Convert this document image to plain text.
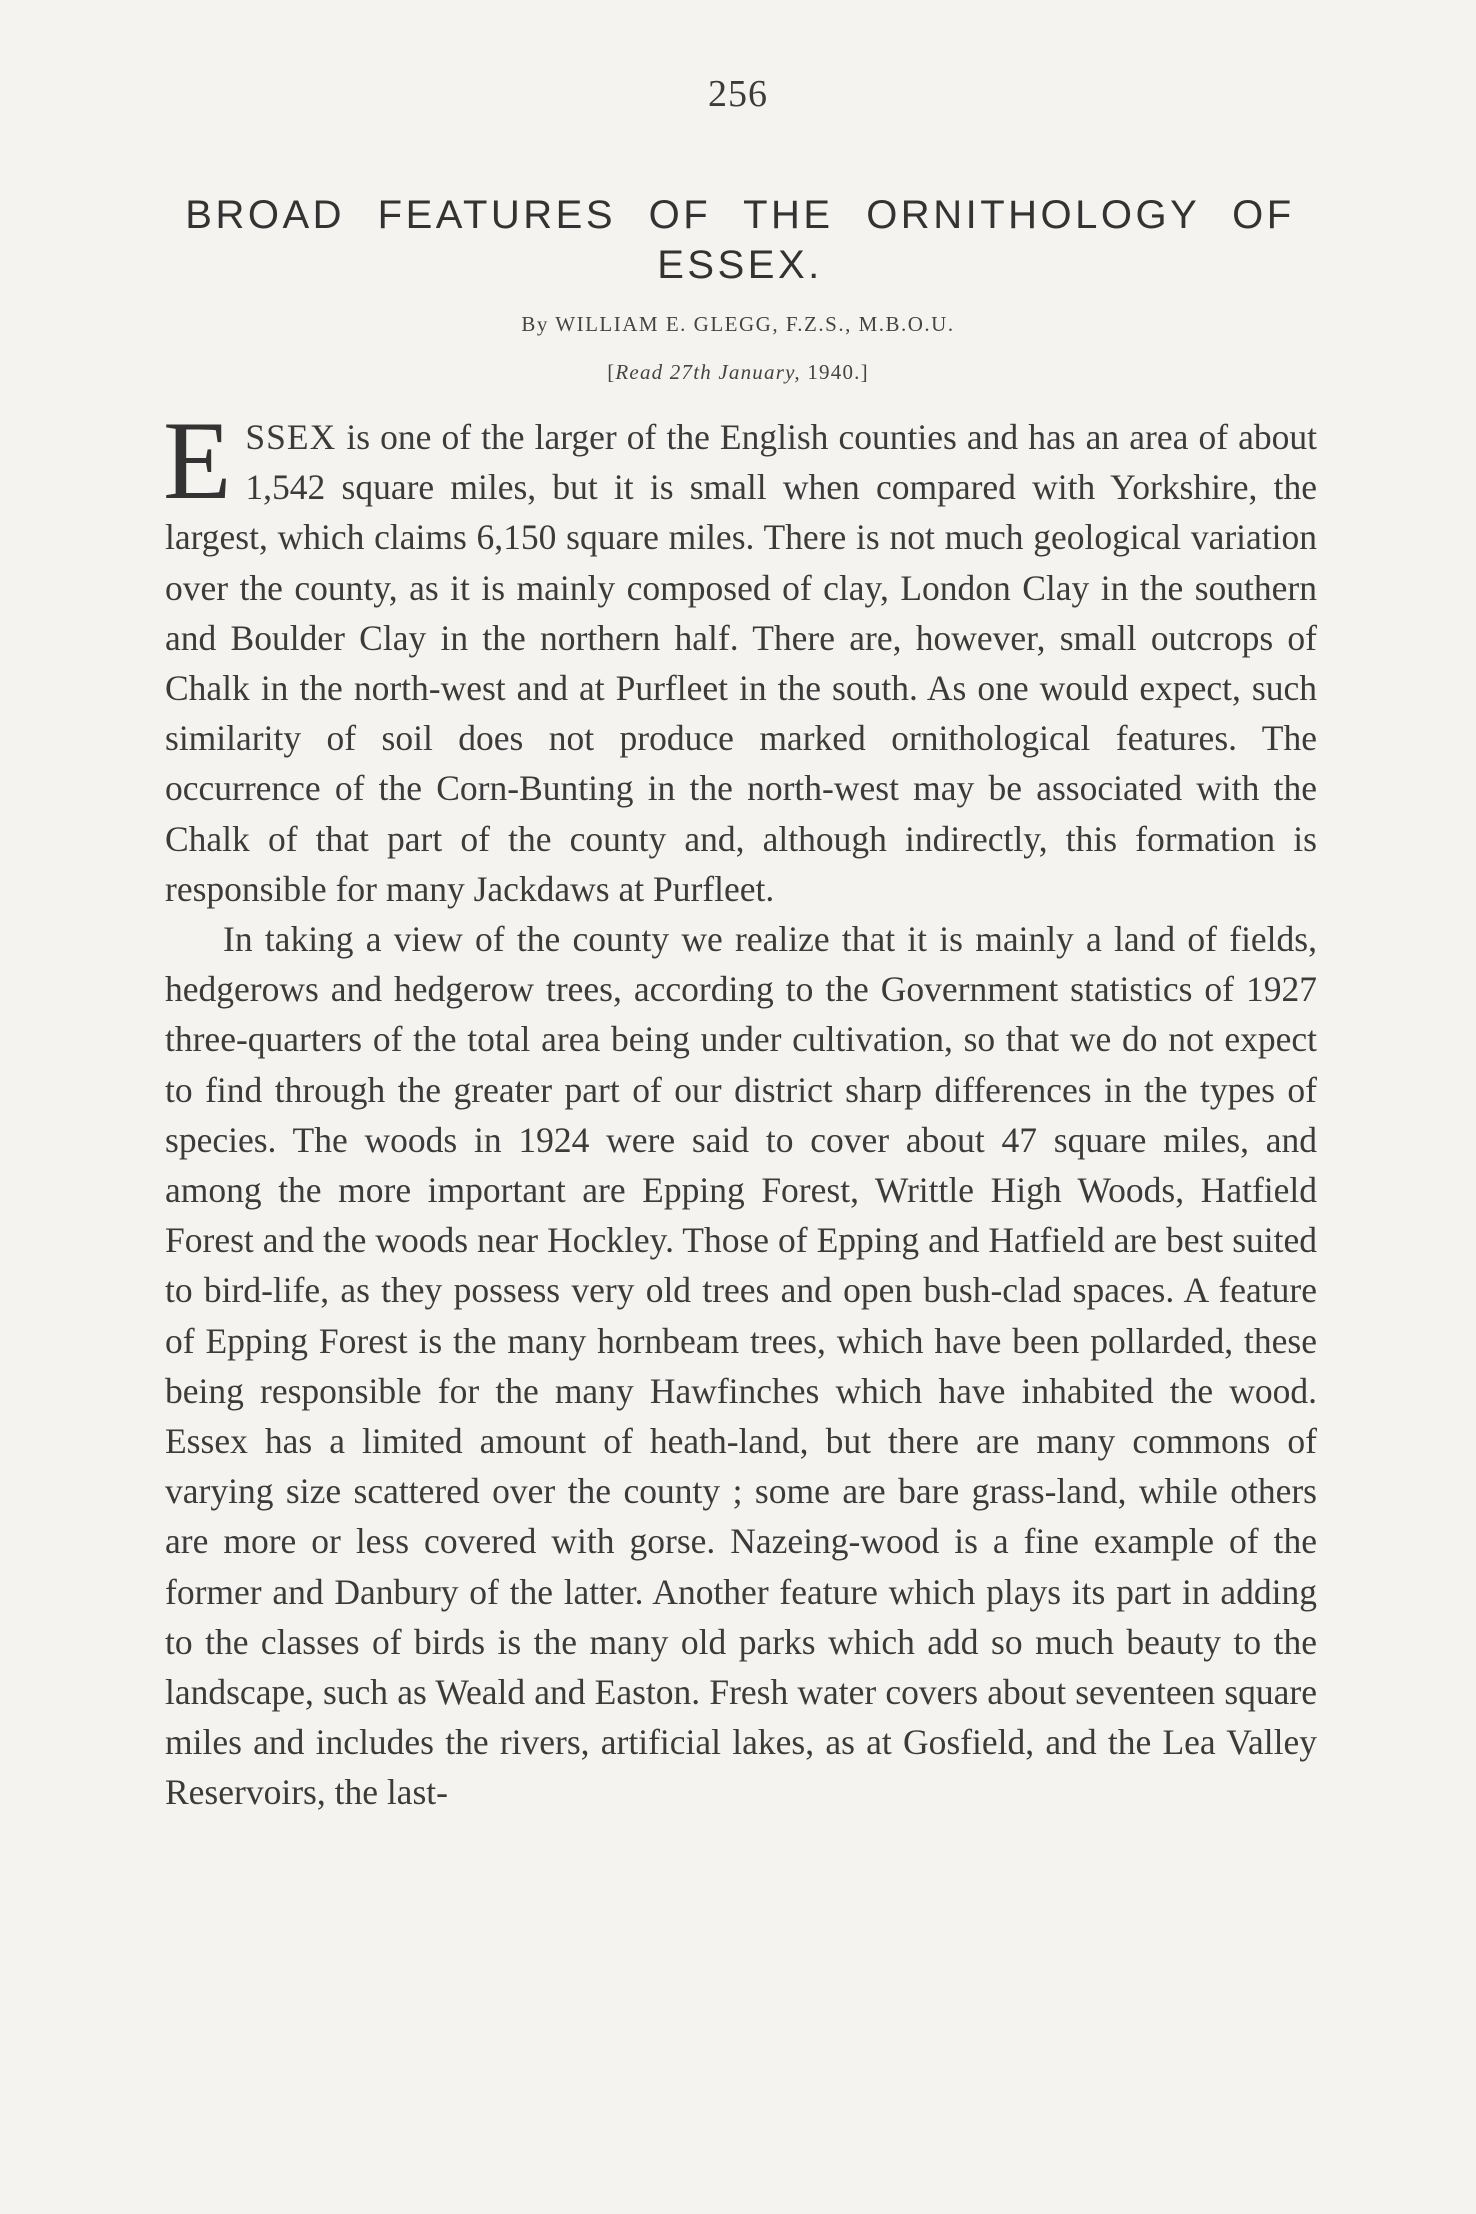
256
BROAD FEATURES OF THE ORNITHOLOGY OF ESSEX.
By WILLIAM E. GLEGG, F.Z.S., M.B.O.U.
[Read 27th January, 1940.]

ESSEX is one of the larger of the English counties and has an area of about 1,542 square miles, but it is small when compared with Yorkshire, the largest, which claims 6,150 square miles. There is not much geological variation over the county, as it is mainly composed of clay, London Clay in the southern and Boulder Clay in the northern half. There are, however, small outcrops of Chalk in the north-west and at Purfleet in the south. As one would expect, such similarity of soil does not produce marked ornithological features. The occurrence of the Corn-Bunting in the north-west may be associated with the Chalk of that part of the county and, although indirectly, this formation is responsible for many Jackdaws at Purfleet.

In taking a view of the county we realize that it is mainly a land of fields, hedgerows and hedgerow trees, according to the Government statistics of 1927 three-quarters of the total area being under cultivation, so that we do not expect to find through the greater part of our district sharp differences in the types of species. The woods in 1924 were said to cover about 47 square miles, and among the more important are Epping Forest, Writtle High Woods, Hatfield Forest and the woods near Hockley. Those of Epping and Hatfield are best suited to bird-life, as they possess very old trees and open bush-clad spaces. A feature of Epping Forest is the many hornbeam trees, which have been pollarded, these being responsible for the many Hawfinches which have inhabited the wood. Essex has a limited amount of heath-land, but there are many commons of varying size scattered over the county ; some are bare grass-land, while others are more or less covered with gorse. Nazeing-wood is a fine example of the former and Danbury of the latter. Another feature which plays its part in adding to the classes of birds is the many old parks which add so much beauty to the landscape, such as Weald and Easton. Fresh water covers about seventeen square miles and includes the rivers, artificial lakes, as at Gosfield, and the Lea Valley Reservoirs, the last-
